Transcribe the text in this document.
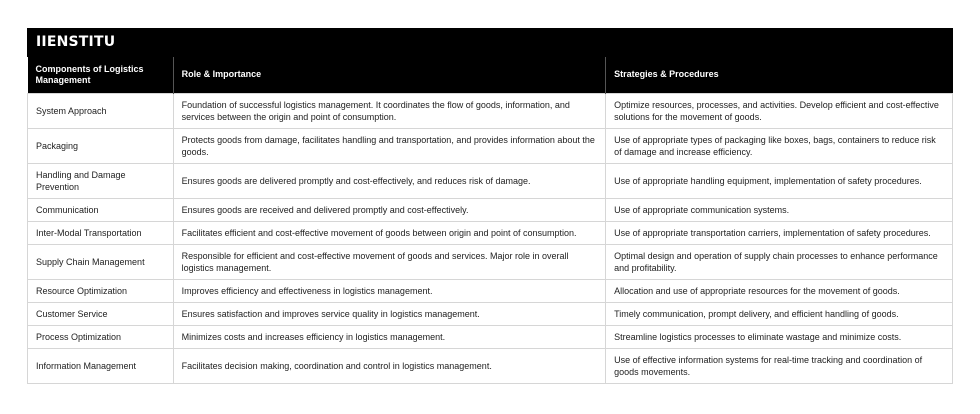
IIENSTITU
Components of Logistics Management	Role & Importance	Strategies & Procedures
System Approach	Foundation of successful logistics management. It coordinates the flow of goods, information, and services between the origin and point of consumption.	Optimize resources, processes, and activities. Develop efficient and cost-effective solutions for the movement of goods.
Packaging	Protects goods from damage, facilitates handling and transportation, and provides information about the goods.	Use of appropriate types of packaging like boxes, bags, containers to reduce risk of damage and increase efficiency.
Handling and Damage Prevention	Ensures goods are delivered promptly and cost-effectively, and reduces risk of damage.	Use of appropriate handling equipment, implementation of safety procedures.
Communication	Ensures goods are received and delivered promptly and cost-effectively.	Use of appropriate communication systems.
Inter-Modal Transportation	Facilitates efficient and cost-effective movement of goods between origin and point of consumption.	Use of appropriate transportation carriers, implementation of safety procedures.
Supply Chain Management	Responsible for efficient and cost-effective movement of goods and services. Major role in overall logistics management.	Optimal design and operation of supply chain processes to enhance performance and profitability.
Resource Optimization	Improves efficiency and effectiveness in logistics management.	Allocation and use of appropriate resources for the movement of goods.
Customer Service	Ensures satisfaction and improves service quality in logistics management.	Timely communication, prompt delivery, and efficient handling of goods.
Process Optimization	Minimizes costs and increases efficiency in logistics management.	Streamline logistics processes to eliminate wastage and minimize costs.
Information Management	Facilitates decision making, coordination and control in logistics management.	Use of effective information systems for real-time tracking and coordination of goods movements.
